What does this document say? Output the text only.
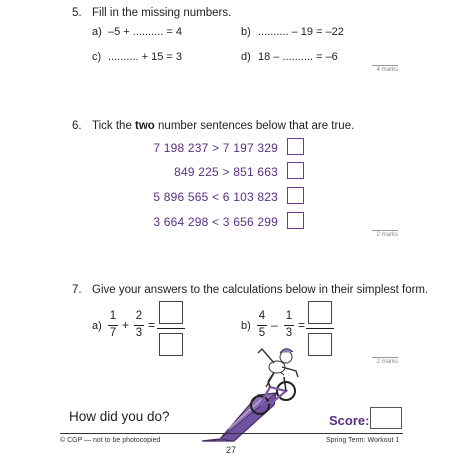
5. Fill in the missing numbers.
a) –5 + .......... = 4	b) .......... – 19 = –22
c) .......... + 15 = 3	d) 18 – .......... = –6
4 marks
6. Tick the two number sentences below that are true.
7 198 237 > 7 197 329
849 225 > 851 663
5 896 565 < 6 103 823
3 664 298 < 3 656 299
2 marks
7. Give your answers to the calculations below in their simplest form.
a)
1
7
+
2
3
=	b)
4
5
–
1
3
=
2 marks
How did you do?	Score:
© CGP — not to be photocopied
27
Spring Term: Workout 1
